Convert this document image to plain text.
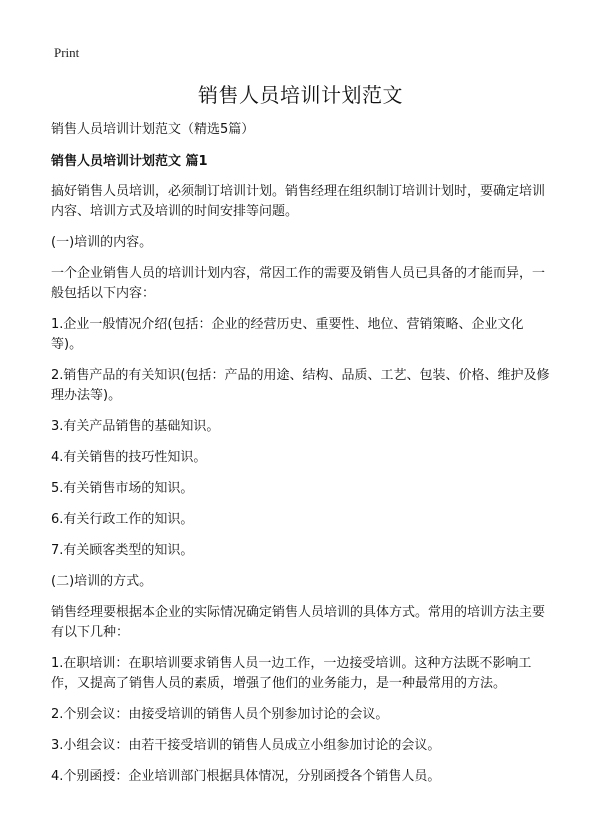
Print
销售人员培训计划范文
销售人员培训计划范文（精选5篇）
销售人员培训计划范文 篇1
搞好销售人员培训，必须制订培训计划。销售经理在组织制订培训计划时，要确定培训内容、培训方式及培训的时间安排等问题。
(一)培训的内容。
一个企业销售人员的培训计划内容，常因工作的需要及销售人员已具备的才能而异，一般包括以下内容：
1.企业一般情况介绍(包括：企业的经营历史、重要性、地位、营销策略、企业文化等)。
2.销售产品的有关知识(包括：产品的用途、结构、品质、工艺、包装、价格、维护及修理办法等)。
3.有关产品销售的基础知识。
4.有关销售的技巧性知识。
5.有关销售市场的知识。
6.有关行政工作的知识。
7.有关顾客类型的知识。
(二)培训的方式。
销售经理要根据本企业的实际情况确定销售人员培训的具体方式。常用的培训方法主要有以下几种：
1.在职培训：在职培训要求销售人员一边工作，一边接受培训。这种方法既不影响工作，又提高了销售人员的素质，增强了他们的业务能力，是一种最常用的方法。
2.个别会议：由接受培训的销售人员个别参加讨论的会议。
3.小组会议：由若干接受培训的销售人员成立小组参加讨论的会议。
4.个别函授：企业培训部门根据具体情况，分别函授各个销售人员。
